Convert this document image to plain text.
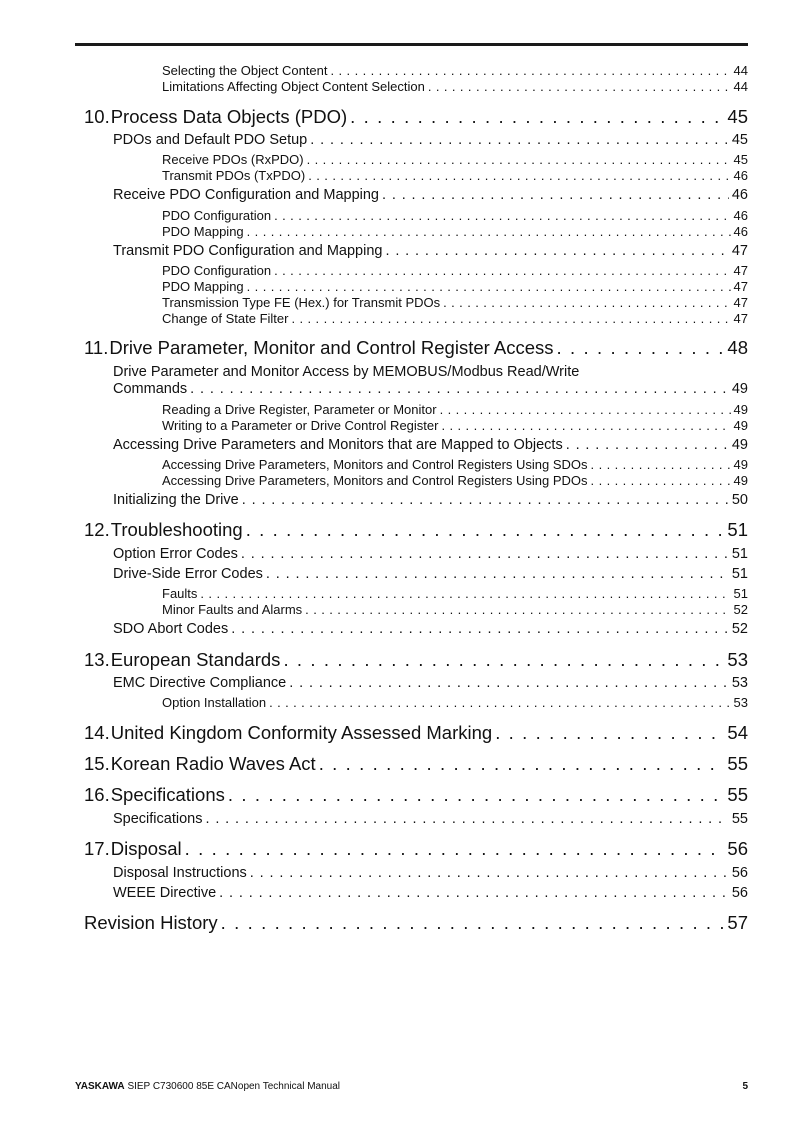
Selecting the Object Content . . .	44
Limitations Affecting Object Content Selection . . .	44
10. Process Data Objects (PDO) . . .	45
PDOs and Default PDO Setup . . .	45
Receive PDOs (RxPDO) . . .	45
Transmit PDOs (TxPDO) . . .	46
Receive PDO Configuration and Mapping . . .	46
PDO Configuration . . .	46
PDO Mapping . . .	46
Transmit PDO Configuration and Mapping . . .	47
PDO Configuration . . .	47
PDO Mapping . . .	47
Transmission Type FE (Hex.) for Transmit PDOs . . .	47
Change of State Filter . . .	47
11. Drive Parameter, Monitor and Control Register Access . . .	48
Drive Parameter and Monitor Access by MEMOBUS/Modbus Read/Write
Commands . . .	49
Reading a Drive Register, Parameter or Monitor . . .	49
Writing to a Parameter or Drive Control Register . . .	49
Accessing Drive Parameters and Monitors that are Mapped to Objects . . .	49
Accessing Drive Parameters, Monitors and Control Registers Using SDOs . . .	49
Accessing Drive Parameters, Monitors and Control Registers Using PDOs . . .	49
Initializing the Drive . . .	50
12. Troubleshooting . . .	51
Option Error Codes . . .	51
Drive-Side Error Codes . . .	51
Faults . . .	51
Minor Faults and Alarms . . .	52
SDO Abort Codes . . .	52
13. European Standards . . .	53
EMC Directive Compliance . . .	53
Option Installation . . .	53
14. United Kingdom Conformity Assessed Marking . . .	54
15. Korean Radio Waves Act . . .	55
16. Specifications . . .	55
Specifications . . .	55
17. Disposal . . .	56
Disposal Instructions . . .	56
WEEE Directive . . .	56
Revision History . . .	57
YASKAWA SIEP C730600 85E CANopen Technical Manual	5
